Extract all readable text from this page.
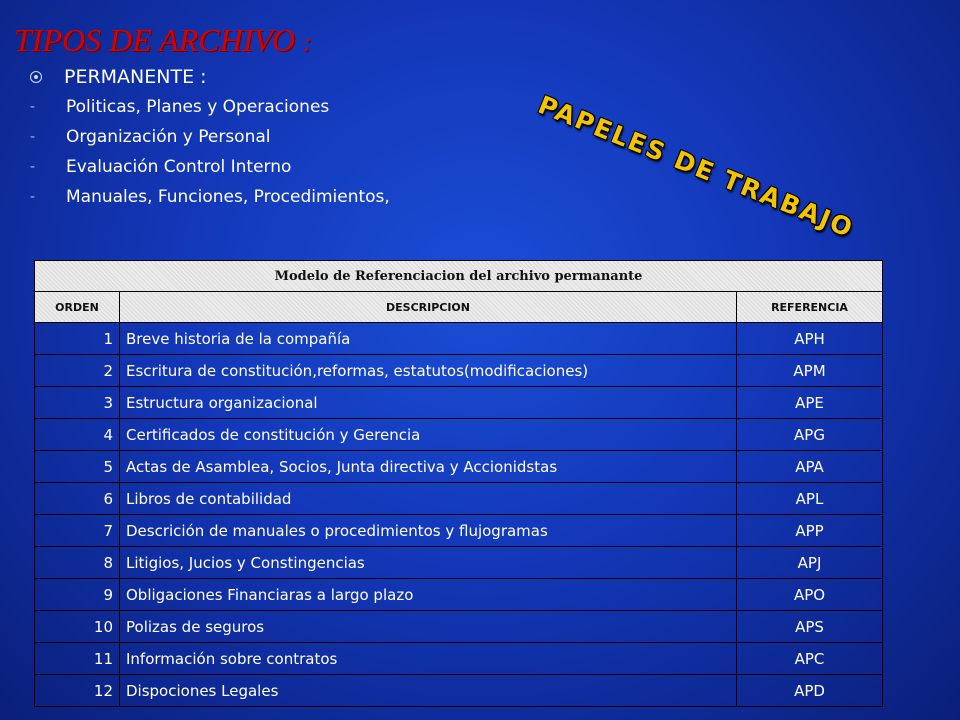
TIPOS DE ARCHIVO :
PERMANENTE :
-	Politicas, Planes y Operaciones
-	Organización y Personal
-	Evaluación Control Interno
-	Manuales, Funciones, Procedimientos,	PAPELES DE TRABAJO
Modelo de Referenciacion del archivo permanante		
ORDEN	DESCRIPCION	REFERENCIA
1	Breve historia de la compañía	APH
2	Escritura de constitución,reformas, estatutos(modificaciones)	APM
3	Estructura organizacional	APE
4	Certificados de constitución y Gerencia	APG
5	Actas de Asamblea, Socios, Junta directiva y Accionidstas	APA
6	Libros de contabilidad	APL
7	Descrición de manuales o procedimientos y flujogramas	APP
8	Litigios, Jucios y Constingencias	APJ
9	Obligaciones Financiaras a largo plazo	APO
10	Polizas de seguros	APS
11	Información sobre contratos	APC
12	Dispociones Legales	APD
